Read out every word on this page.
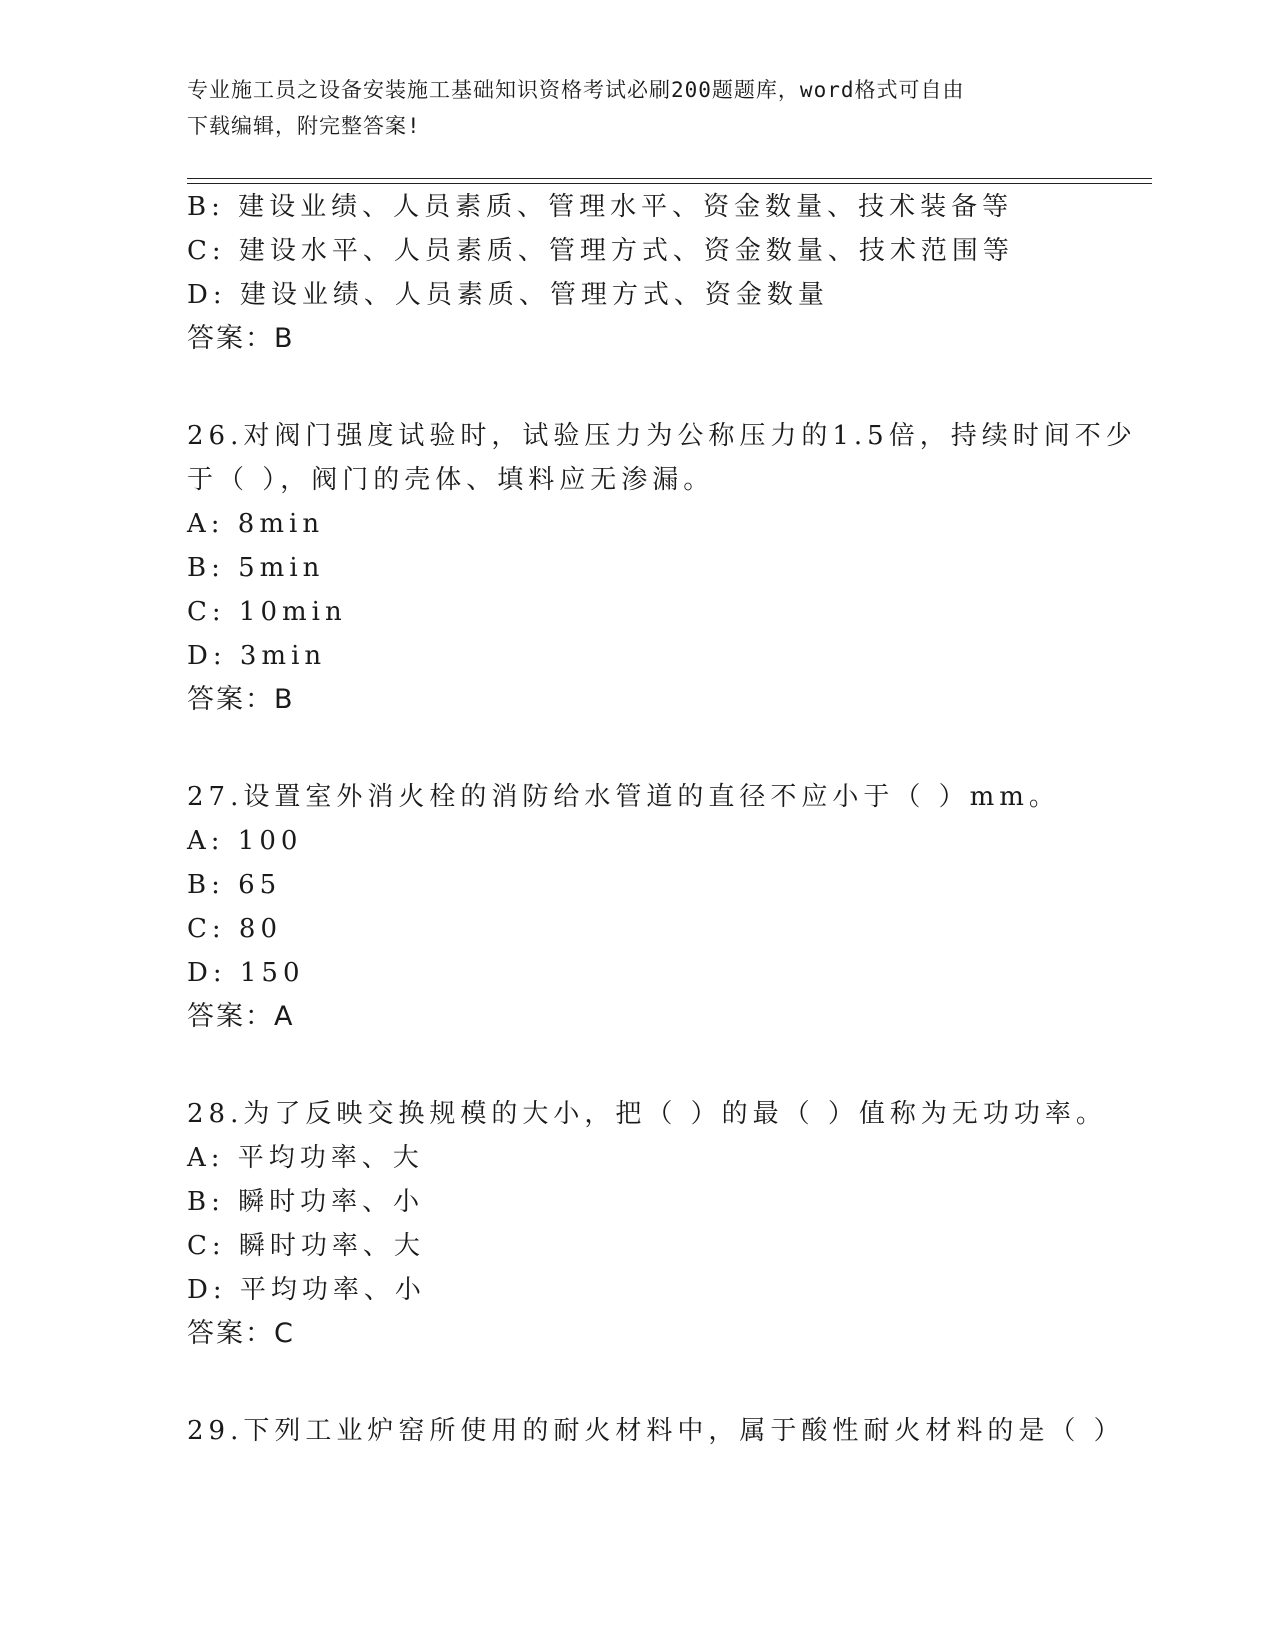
专业施工员之设备安装施工基础知识资格考试必刷200题题库，word格式可自由
下载编辑，附完整答案!
B: 建设业绩、人员素质、管理水平、资金数量、技术装备等
C: 建设水平、人员素质、管理方式、资金数量、技术范围等
D: 建设业绩、人员素质、管理方式、资金数量
答案：B
26.对阀门强度试验时，试验压力为公称压力的1.5倍，持续时间不少
于（ ），阀门的壳体、填料应无渗漏。
A: 8min
B: 5min
C: 10min
D: 3min
答案：B
27.设置室外消火栓的消防给水管道的直径不应小于（ ）mm。
A: 100
B: 65
C: 80
D: 150
答案：A
28.为了反映交换规模的大小，把（ ）的最（ ）值称为无功功率。
A: 平均功率、大
B: 瞬时功率、小
C: 瞬时功率、大
D: 平均功率、小
答案：C
29.下列工业炉窑所使用的耐火材料中，属于酸性耐火材料的是（ ）
